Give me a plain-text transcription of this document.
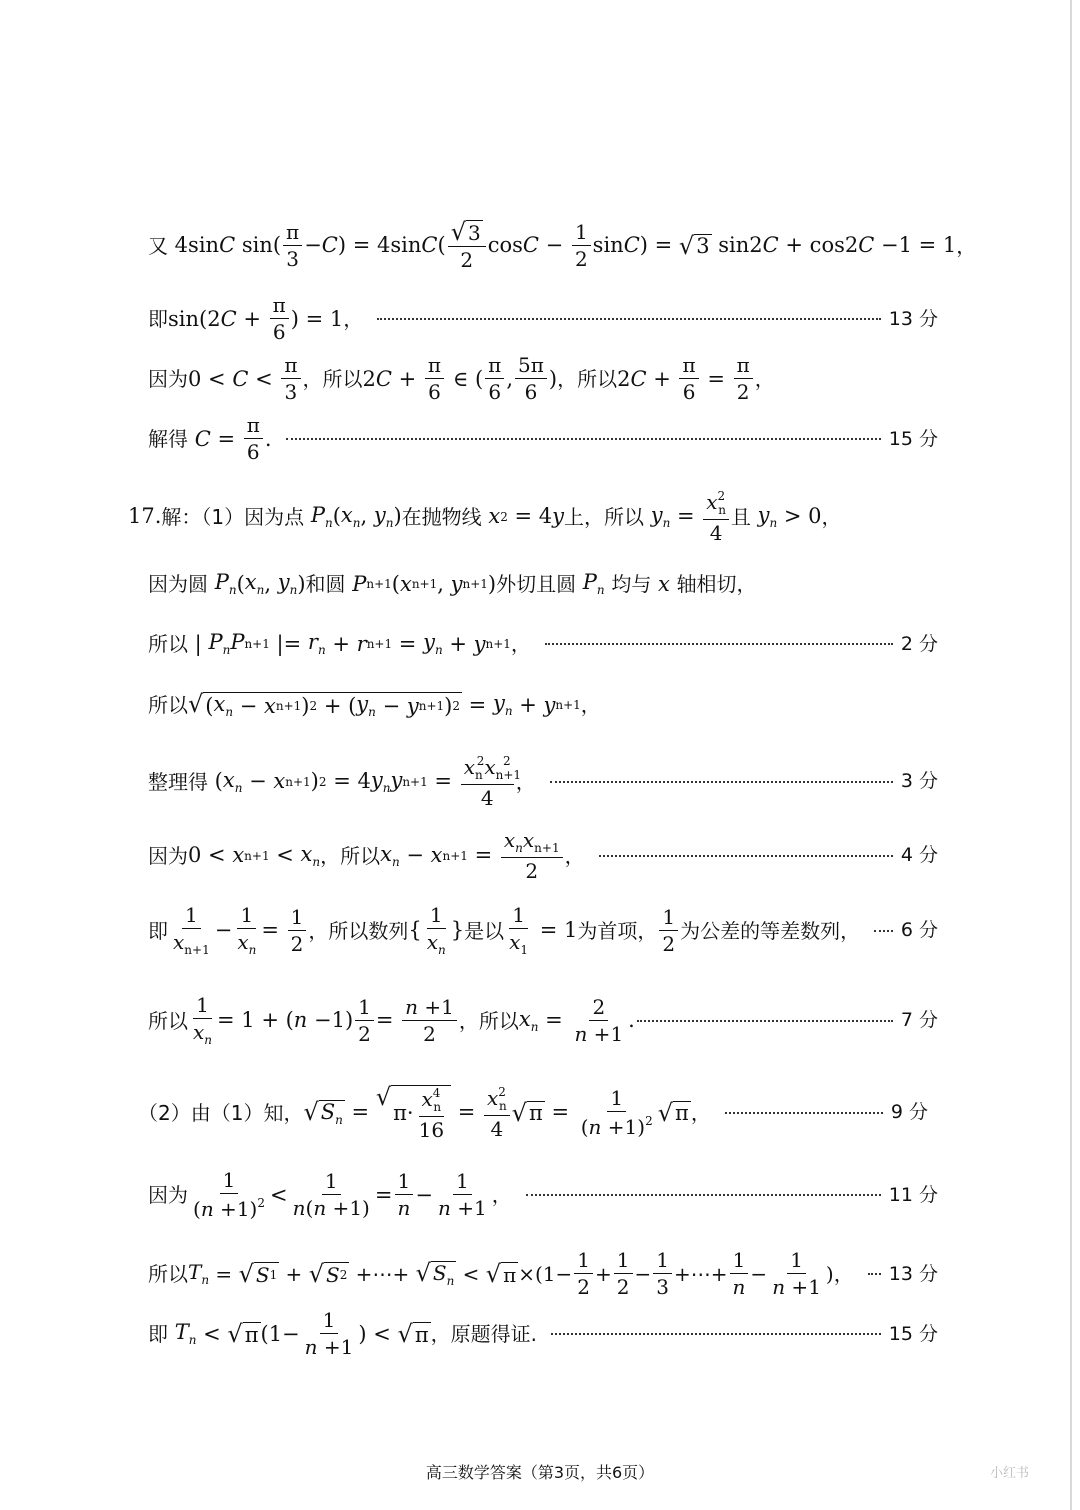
又 4sin C $\sin( \frac{\pi}{3} - C$ ) = 4sin C ( $\frac{√ 3}{2}$ $\cos C - \frac{1}{2}$ sin C ) = √ 3 sin2 C + cos2 C −1 = 1 ，
即 sin(2 $C + \frac{\pi}{6}$ ) = 1 ，	13 分
因为 $0 < C < \frac{\pi}{3}$ ，所以 2 $C + \frac{\pi}{6}$ ∈ ( $\frac{\pi}{6}$ , $\frac{5\pi}{6}$ ) ，所以 2 $C + \frac{\pi}{6} = \frac{\pi}{2}$ ，
解得
$C = \frac{\pi}{6}$ .	15 分
17. 解：（1）因为点
$P_n$ ( $x_n$ , $y_n$ ) 在抛物线
x 2 = 4 y 上，所以
$y_n = \frac{x^2_n}{4}$ 且
$y_n > 0$ ，
因为圆
$P_n$ ( $x_n$ , $y_n$ ) 和圆
P n+1 ( x n+1 , y n+1 ) 外切且圆
$P_n$
均与
x
轴相切，
所以 | $P_nP$ n+1 |= $r_n + r$ $n+1 = y_n + y$ n+1 ，	2 分
所以 √ ( $x_n - x$ n+1 ) 2 + ( $y_n - y$ n+1 ) $2 = y_n + y$ n+1 ，
整理得 ( $x_n - x$ n+1 ) 2 = 4 $y_ny$ $n+1 = \frac{x_n^2x_{n+1}^2}{4}$ ，	3 分
因为 0 < x $n+1 < x_n$ ，所以 $x_n - x$ $n+1 = \frac{x_nx_{n+1}}{2}$ ，	4 分
即 $\frac{1}{x_{n+1}} - \frac{1}{x_n} = \frac{1}{2}$ ，所以数列 { $\frac{1}{x_n}$ } 是以 $\frac{1}{x_1} = 1$ 为首项， $\frac{1}{2}$ 为公差的等差数列， 6 分
所以 $\frac{1}{x_n} = 1$ + ( $n -1) \frac{1}{2} = \frac{n +1}{2}$ ，所以 $x_n = \frac{2}{n +1}$ .	7 分
（2）由（1）知， √ $S_n$ =
√
$\pi\cdot \frac{x^4_n}{16} = \frac{x^2_n}{4}$ √ $\pi = \frac{1}{(n +1)^2}$ √ π ，	9 分
因为 $\frac{1}{(n +1)^2} < \frac{1}{n(n +1)} = \frac{1}{n} - \frac{1}{n +1}$ ，	11 分
所以 $T_n$ = √ S 1 + √ S 2 +⋯+ √ $S_n$ < √ $\pi \times(1- \frac{1}{2} + \frac{1}{2} - \frac{1}{3}$ +⋯+ $\frac{1}{n} - \frac{1}{n +1}$ ) ， 13 分
即
$T_n$ < √ π ($1- \frac{1}{n +1}$ ) < √ π ，原题得证.	15 分
高三数学答案（第3页，共6页）	小红书
